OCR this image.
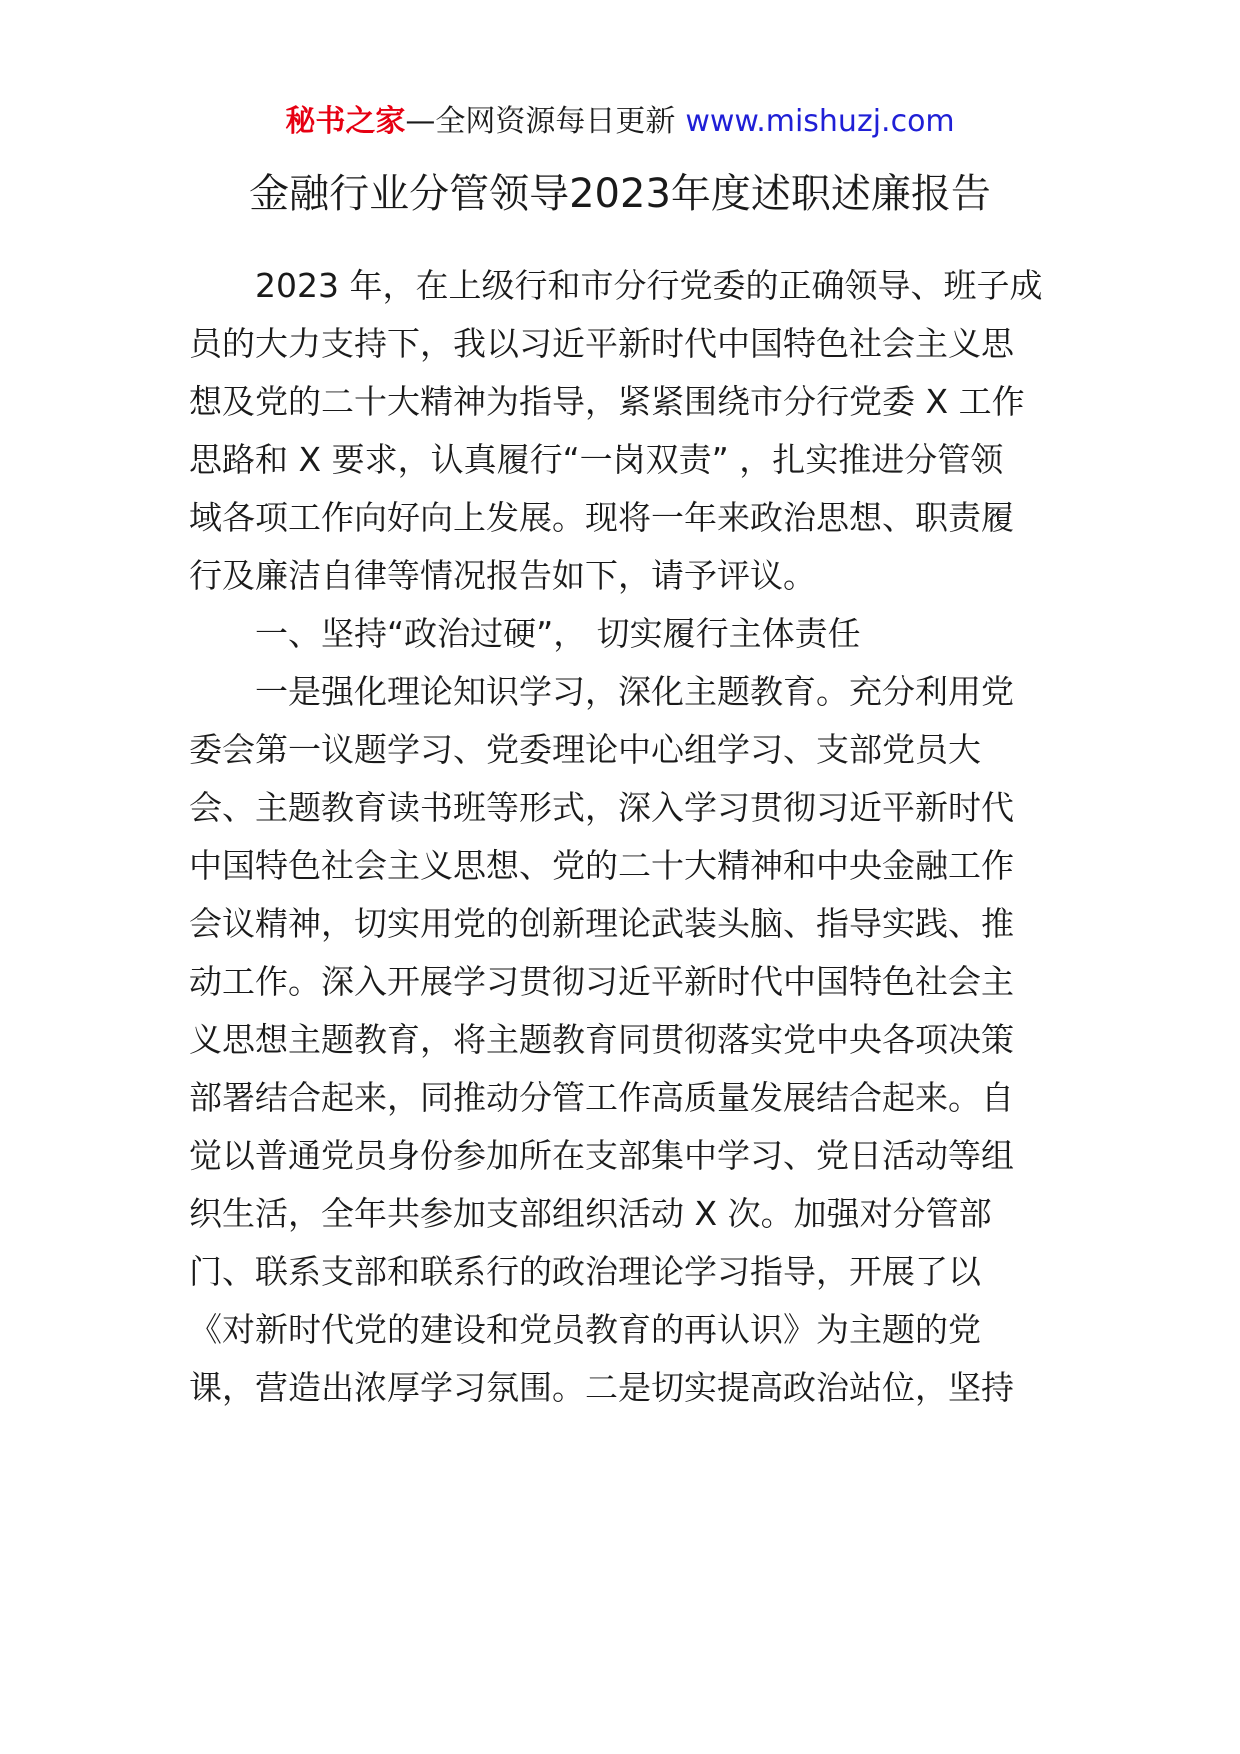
秘书之家—全网资源每日更新 www.mishuzj.com
金融行业分管领导2023年度述职述廉报告
2023 年，在上级行和市分行党委的正确领导、班子成
员的大力支持下，我以习近平新时代中国特色社会主义思
想及党的二十大精神为指导，紧紧围绕市分行党委 X 工作
思路和 X 要求，认真履行“一岗双责” ，扎实推进分管领
域各项工作向好向上发展。现将一年来政治思想、职责履
行及廉洁自律等情况报告如下，请予评议。
一、坚持“政治过硬”， 切实履行主体责任
一是强化理论知识学习，深化主题教育。充分利用党
委会第一议题学习、党委理论中心组学习、支部党员大
会、主题教育读书班等形式，深入学习贯彻习近平新时代
中国特色社会主义思想、党的二十大精神和中央金融工作
会议精神，切实用党的创新理论武装头脑、指导实践、推
动工作。深入开展学习贯彻习近平新时代中国特色社会主
义思想主题教育，将主题教育同贯彻落实党中央各项决策
部署结合起来，同推动分管工作高质量发展结合起来。自
觉以普通党员身份参加所在支部集中学习、党日活动等组
织生活，全年共参加支部组织活动 X 次。加强对分管部
门、联系支部和联系行的政治理论学习指导，开展了以
《对新时代党的建设和党员教育的再认识》为主题的党
课，营造出浓厚学习氛围。二是切实提高政治站位，坚持
